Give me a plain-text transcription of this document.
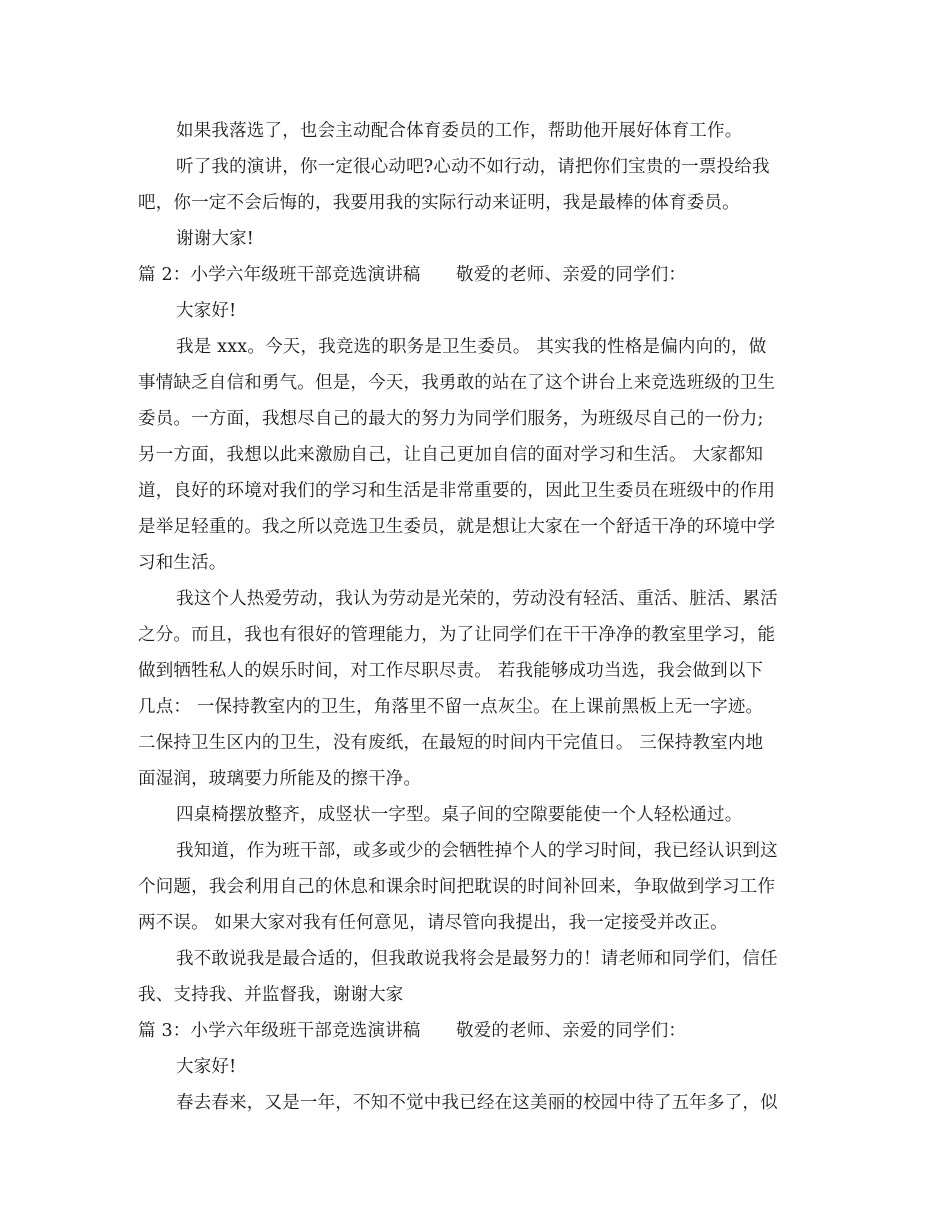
如果我落选了，也会主动配合体育委员的工作，帮助他开展好体育工作。
听了我的演讲，你一定很心动吧?心动不如行动，请把你们宝贵的一票投给我
吧，你一定不会后悔的，我要用我的实际行动来证明，我是最棒的体育委员。
谢谢大家!
篇 2：小学六年级班干部竞选演讲稿　　敬爱的老师、亲爱的同学们：
大家好!
我是 xxx。今天，我竞选的职务是卫生委员。 其实我的性格是偏内向的，做
事情缺乏自信和勇气。但是，今天，我勇敢的站在了这个讲台上来竞选班级的卫生
委员。一方面，我想尽自己的最大的努力为同学们服务，为班级尽自己的一份力;
另一方面，我想以此来激励自己，让自己更加自信的面对学习和生活。 大家都知
道，良好的环境对我们的学习和生活是非常重要的，因此卫生委员在班级中的作用
是举足轻重的。我之所以竞选卫生委员，就是想让大家在一个舒适干净的环境中学
习和生活。
我这个人热爱劳动，我认为劳动是光荣的，劳动没有轻活、重活、脏活、累活
之分。而且，我也有很好的管理能力，为了让同学们在干干净净的教室里学习，能
做到牺牲私人的娱乐时间，对工作尽职尽责。 若我能够成功当选，我会做到以下
几点： 一保持教室内的卫生，角落里不留一点灰尘。在上课前黑板上无一字迹。
二保持卫生区内的卫生，没有废纸，在最短的时间内干完值日。 三保持教室内地
面湿润，玻璃要力所能及的擦干净。
四桌椅摆放整齐，成竖状一字型。桌子间的空隙要能使一个人轻松通过。
我知道，作为班干部，或多或少的会牺牲掉个人的学习时间，我已经认识到这
个问题，我会利用自己的休息和课余时间把耽误的时间补回来，争取做到学习工作
两不误。 如果大家对我有任何意见，请尽管向我提出，我一定接受并改正。
我不敢说我是最合适的，但我敢说我将会是最努力的！请老师和同学们，信任
我、支持我、并监督我，谢谢大家
篇 3：小学六年级班干部竞选演讲稿　　敬爱的老师、亲爱的同学们：
大家好!
春去春来，又是一年，不知不觉中我已经在这美丽的校园中待了五年多了，似
